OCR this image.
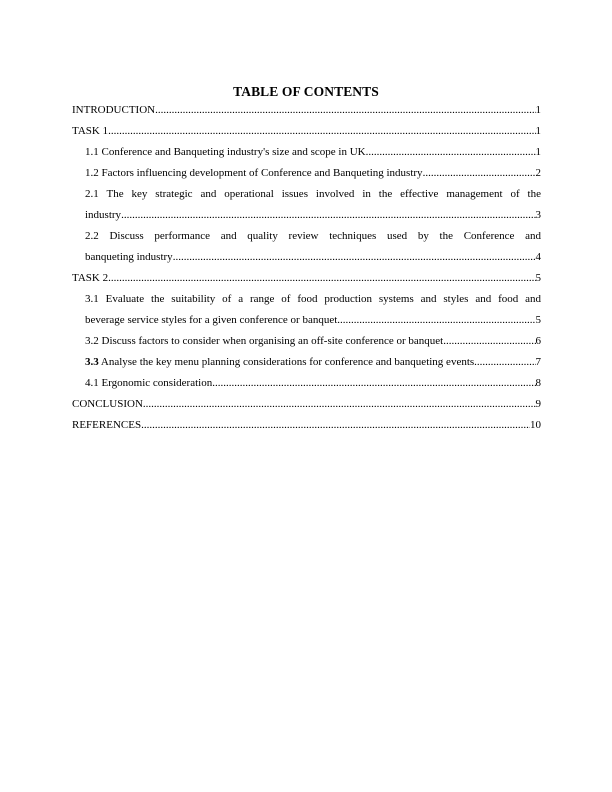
TABLE OF CONTENTS
INTRODUCTION .....	1
TASK 1 .....	1
1.1 Conference and Banqueting industry's size and scope in UK .....	1
1.2 Factors influencing development of Conference and Banqueting industry .....	2
2.1 The key strategic and operational issues involved in the effective management of the
industry .....	3
2.2 Discuss performance and quality review techniques used by the Conference and
banqueting industry .....	4
TASK 2 .....	5
3.1 Evaluate the suitability of a range of food production systems and styles and food and
beverage service styles for a given conference or banquet .....	5
3.2 Discuss factors to consider when organising an off-site conference or banquet .....	6
3.3 Analyse the key menu planning considerations for conference and banqueting events .....	7
4.1 Ergonomic consideration .....	8
CONCLUSION .....	9
REFERENCES .....	10
